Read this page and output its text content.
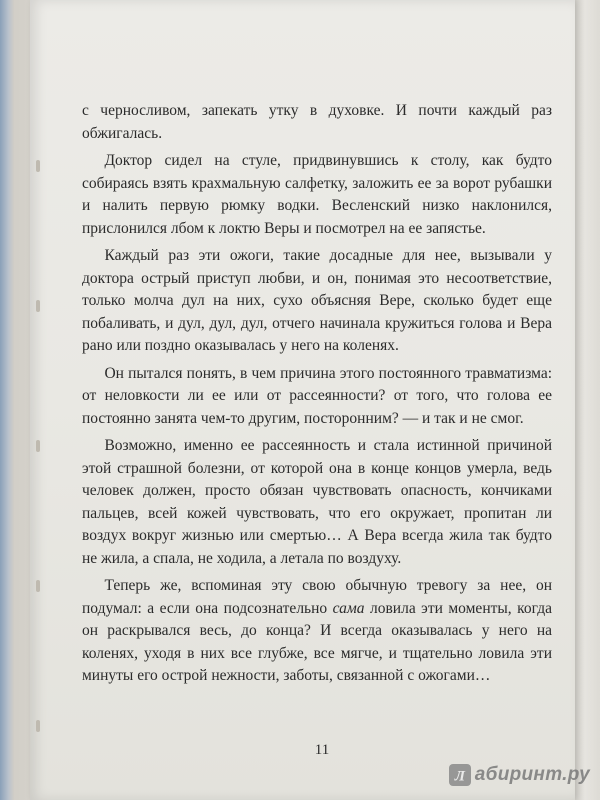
с черносливом, запекать утку в духовке. И почти каждый раз обжигалась.

Доктор сидел на стуле, придвинувшись к столу, как будто собираясь взять крахмальную салфетку, заложить ее за ворот рубашки и налить первую рюмку водки. Весленский низко наклонился, прислонился лбом к локтю Веры и посмотрел на ее запястье.

Каждый раз эти ожоги, такие досадные для нее, вызывали у доктора острый приступ любви, и он, понимая это несоответствие, только молча дул на них, сухо объясняя Вере, сколько будет еще побаливать, и дул, дул, дул, отчего начинала кружиться голова и Вера рано или поздно оказывалась у него на коленях.

Он пытался понять, в чем причина этого постоянного травматизма: от неловкости ли ее или от рассеянности? от того, что голова ее постоянно занята чем-то другим, посторонним? — и так и не смог.

Возможно, именно ее рассеянность и стала истинной причиной этой страшной болезни, от которой она в конце концов умерла, ведь человек должен, просто обязан чувствовать опасность, кончиками пальцев, всей кожей чувствовать, что его окружает, пропитан ли воздух вокруг жизнью или смертью… А Вера всегда жила так будто не жила, а спала, не ходила, а летала по воздуху.

Теперь же, вспоминая эту свою обычную тревогу за нее, он подумал: а если она подсознательно сама ловила эти моменты, когда он раскрывался весь, до конца? И всегда оказывалась у него на коленях, уходя в них все глубже, все мягче, и тщательно ловила эти минуты его острой нежности, заботы, связанной с ожогами…

11
Л абиринт.ру
